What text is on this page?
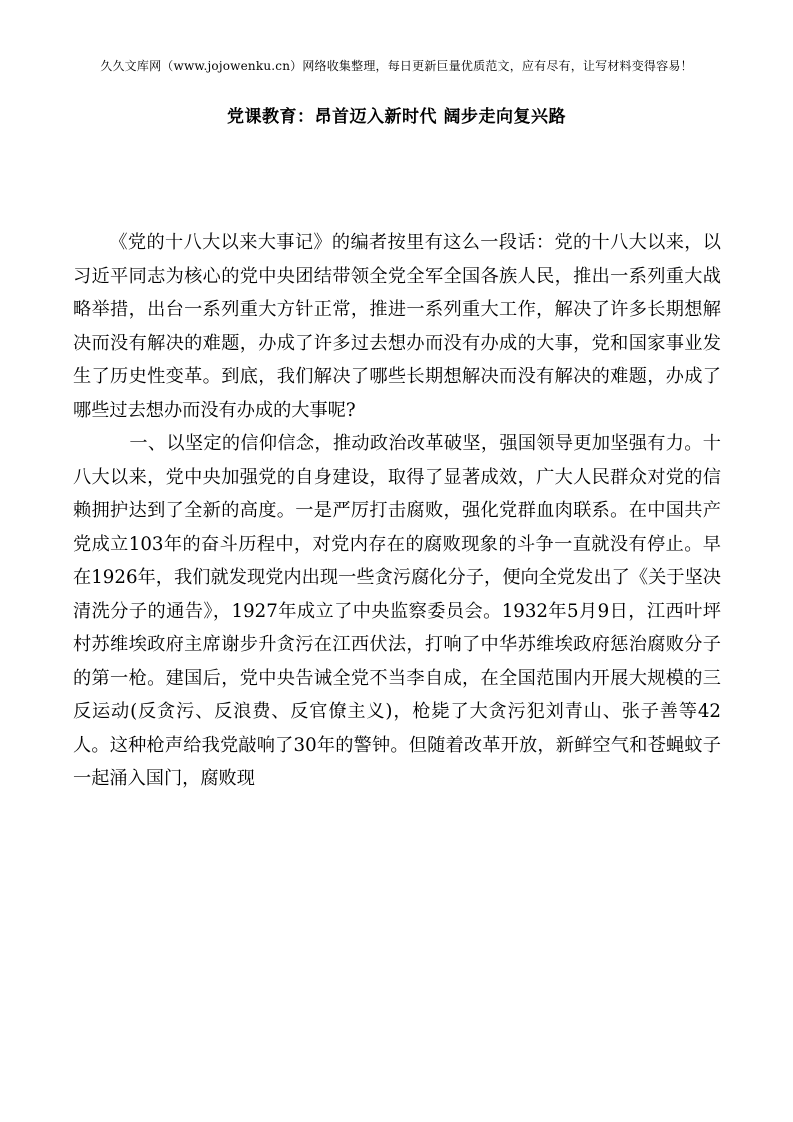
久久文库网（www.jojowenku.cn）网络收集整理，每日更新巨量优质范文，应有尽有，让写材料变得容易！
党课教育：昂首迈入新时代 阔步走向复兴路

《党的十八大以来大事记》的编者按里有这么一段话：党的十八大以来，以习近平同志为核心的党中央团结带领全党全军全国各族人民，推出一系列重大战略举措，出台一系列重大方针正常，推进一系列重大工作，解决了许多长期想解决而没有解决的难题，办成了许多过去想办而没有办成的大事，党和国家事业发生了历史性变革。到底，我们解决了哪些长期想解决而没有解决的难题，办成了哪些过去想办而没有办成的大事呢?

一、以坚定的信仰信念，推动政治改革破坚，强国领导更加坚强有力。十八大以来，党中央加强党的自身建设，取得了显著成效，广大人民群众对党的信赖拥护达到了全新的高度。一是严厉打击腐败，强化党群血肉联系。在中国共产党成立103年的奋斗历程中，对党内存在的腐败现象的斗争一直就没有停止。早在1926年，我们就发现党内出现一些贪污腐化分子，便向全党发出了《关于坚决清洗分子的通告》，1927年成立了中央监察委员会。1932年5月9日，江西叶坪村苏维埃政府主席谢步升贪污在江西伏法，打响了中华苏维埃政府惩治腐败分子的第一枪。建国后，党中央告诫全党不当李自成，在全国范围内开展大规模的三反运动(反贪污、反浪费、反官僚主义)，枪毙了大贪污犯刘青山、张子善等42人。这种枪声给我党敲响了30年的警钟。但随着改革开放，新鲜空气和苍蝇蚊子一起涌入国门，腐败现
